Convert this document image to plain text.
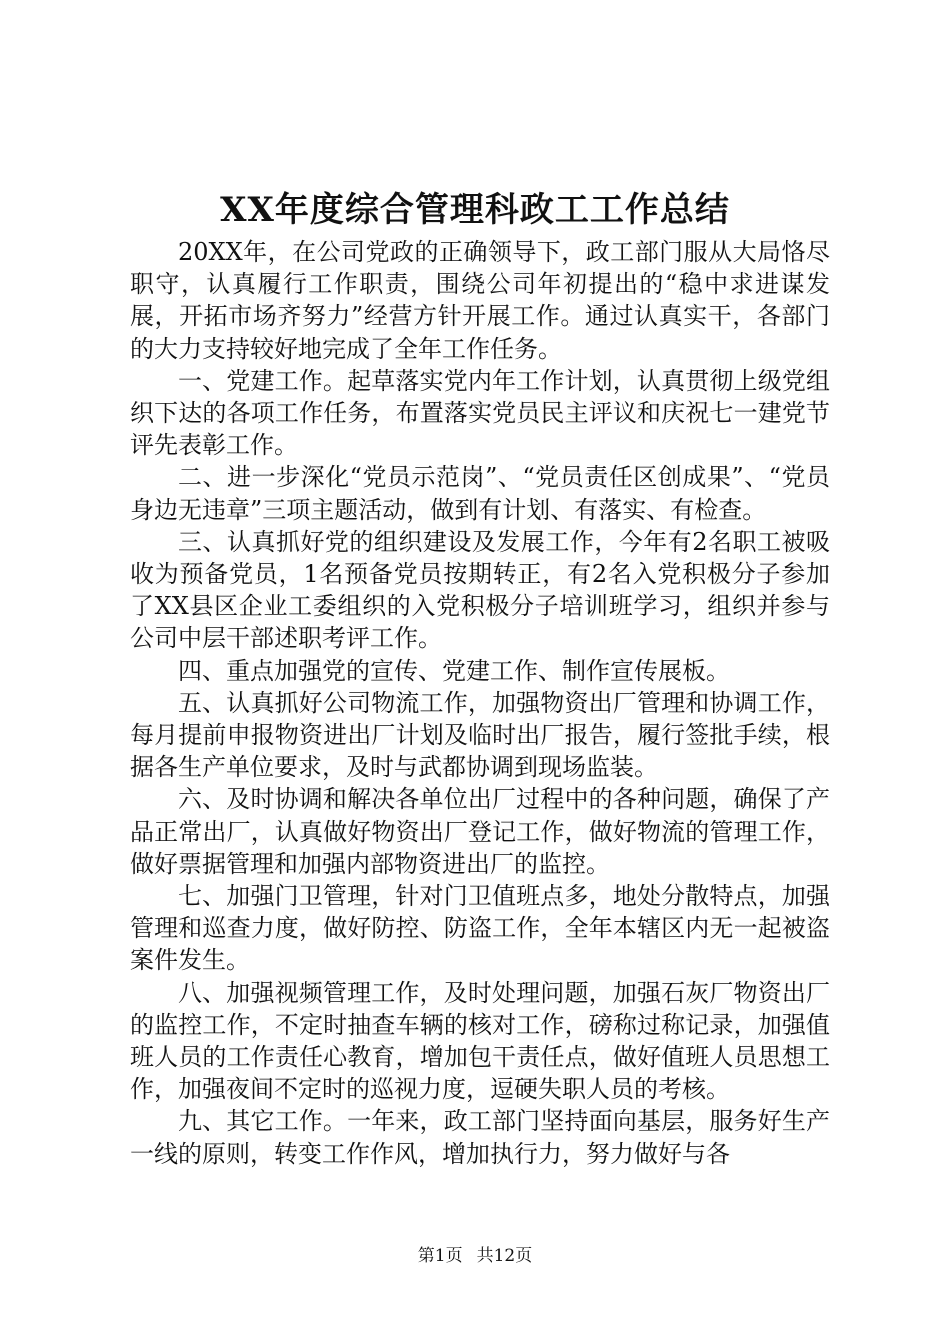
XX年度综合管理科政工工作总结

20XX年，在公司党政的正确领导下，政工部门服从大局恪尽职守，认真履行工作职责，围绕公司年初提出的“稳中求进谋发展，开拓市场齐努力”经营方针开展工作。通过认真实干，各部门的大力支持较好地完成了全年工作任务。

一、党建工作。起草落实党内年工作计划，认真贯彻上级党组织下达的各项工作任务，布置落实党员民主评议和庆祝七一建党节评先表彰工作。

二、进一步深化“党员示范岗”、“党员责任区创成果”、“党员身边无违章”三项主题活动，做到有计划、有落实、有检查。

三、认真抓好党的组织建设及发展工作，今年有2名职工被吸收为预备党员，1名预备党员按期转正，有2名入党积极分子参加了XX县区企业工委组织的入党积极分子培训班学习，组织并参与公司中层干部述职考评工作。

四、重点加强党的宣传、党建工作、制作宣传展板。

五、认真抓好公司物流工作，加强物资出厂管理和协调工作，每月提前申报物资进出厂计划及临时出厂报告，履行签批手续，根据各生产单位要求，及时与武都协调到现场监装。

六、及时协调和解决各单位出厂过程中的各种问题，确保了产品正常出厂，认真做好物资出厂登记工作，做好物流的管理工作，做好票据管理和加强内部物资进出厂的监控。

七、加强门卫管理，针对门卫值班点多，地处分散特点，加强管理和巡查力度，做好防控、防盗工作，全年本辖区内无一起被盗案件发生。

八、加强视频管理工作，及时处理问题，加强石灰厂物资出厂的监控工作，不定时抽查车辆的核对工作，磅称过称记录，加强值班人员的工作责任心教育，增加包干责任点，做好值班人员思想工作，加强夜间不定时的巡视力度，逗硬失职人员的考核。

九、其它工作。一年来，政工部门坚持面向基层，服务好生产一线的原则，转变工作作风，增加执行力，努力做好与各

第1页 共12页
